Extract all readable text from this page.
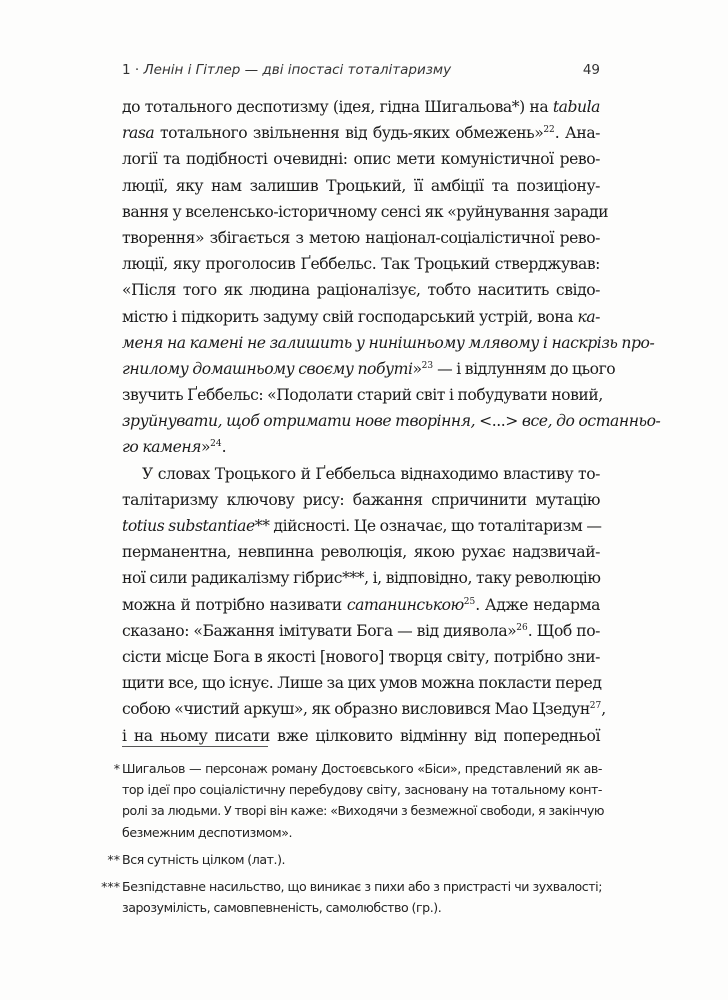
1 · Ленін і Гітлер — дві іпостасі тоталітаризму	49
до тотального деспотизму (ідея, гідна Шигальова*) на tabula
rasa тотального звільнення від будь-яких обмежень»$^{22}$. Ана-
логії та подібності очевидні: опис мети комуністичної рево-
люції, яку нам залишив Троцький, її амбіції та позиціону-
вання у вселенсько-історичному сенсі як «руйнування заради
творення» збігається з метою націонал-соціалістичної рево-
люції, яку проголосив Ґеббельс. Так Троцький стверджував:
«Після того як людина раціоналізує, тобто наситить свідо-
містю і підкорить задуму свій господарський устрій, вона ка-
меня на камені не залишить у нинішньому млявому і наскрізь про-
гнилому домашньому своєму побуті»$^{23}$ — і відлунням до цього
звучить Ґеббельс: «Подолати старий світ і побудувати новий,
зруйнувати, щоб отримати нове творіння, <...> все, до останньо-
го каменя»$^{24}$.
У словах Троцького й Ґеббельса віднаходимо властиву то-
талітаризму ключову рису: бажання спричинити мутацію
totius substantiae** дійсності. Це означає, що тоталітаризм —
перманентна, невпинна революція, якою рухає надзвичай-
ної сили радикалізму гібрис***, і, відповідно, таку революцію
можна й потрібно називати сатанинською$^{25}$. Адже недарма
сказано: «Бажання імітувати Бога — від диявола»$^{26}$. Щоб по-
сісти місце Бога в якості [нового] творця світу, потрібно зни-
щити все, що існує. Лише за цих умов можна покласти перед
собою «чистий аркуш», як образно висловився Мао Цзедун$^{27}$,
і на ньому писати вже цілковито відмінну від попередньої
* Шигальов — персонаж роману Достоєвського «Біси», представлений як ав-
тор ідеї про соціалістичну перебудову світу, засновану на тотальному конт-
ролі за людьми. У творі він каже: «Виходячи з безмежної свободи, я закінчую
безмежним деспотизмом».
** Вся сутність цілком (лат.).
*** Безпідставне насильство, що виникає з пихи або з пристрасті чи зухвалості;
зарозумілість, самовпевненість, самолюбство (гр.).
